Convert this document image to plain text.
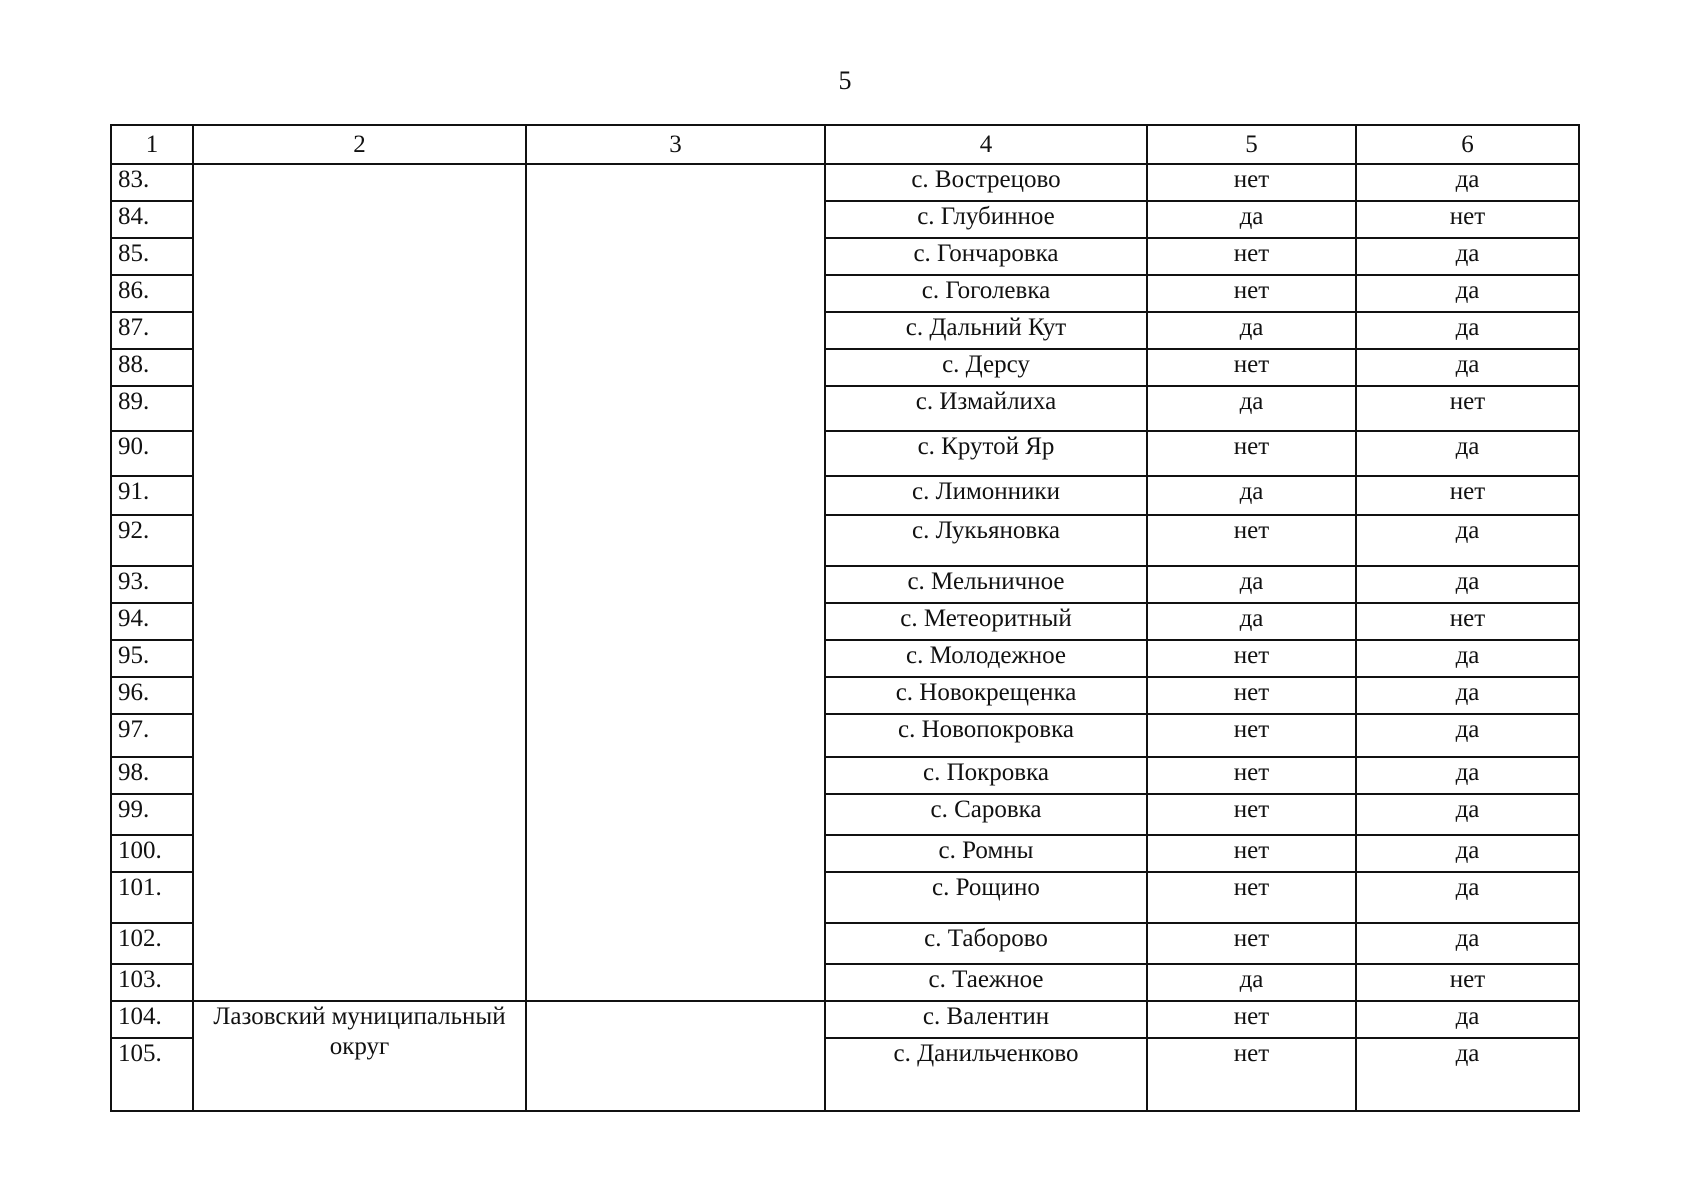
5
1	2	3	4	5	6
83.			с. Вострецово	нет	да
84.			с. Глубинное	да	нет
85.			с. Гончаровка	нет	да
86.			с. Гоголевка	нет	да
87.			с. Дальний Кут	да	да
88.			с. Дерсу	нет	да
89.			с. Измайлиха	да	нет
90.			с. Крутой Яр	нет	да
91.			с. Лимонники	да	нет
92.			с. Лукьяновка	нет	да
93.			с. Мельничное	да	да
94.			с. Метеоритный	да	нет
95.			с. Молодежное	нет	да
96.			с. Новокрещенка	нет	да
97.			с. Новопокровка	нет	да
98.			с. Покровка	нет	да
99.			с. Саровка	нет	да
100.			с. Ромны	нет	да
101.			с. Рощино	нет	да
102.			с. Таборово	нет	да
103.			с. Таежное	да	нет
104.	Лазовский муниципальный округ		с. Валентин	нет	да
105.			с. Данильченково	нет	да
